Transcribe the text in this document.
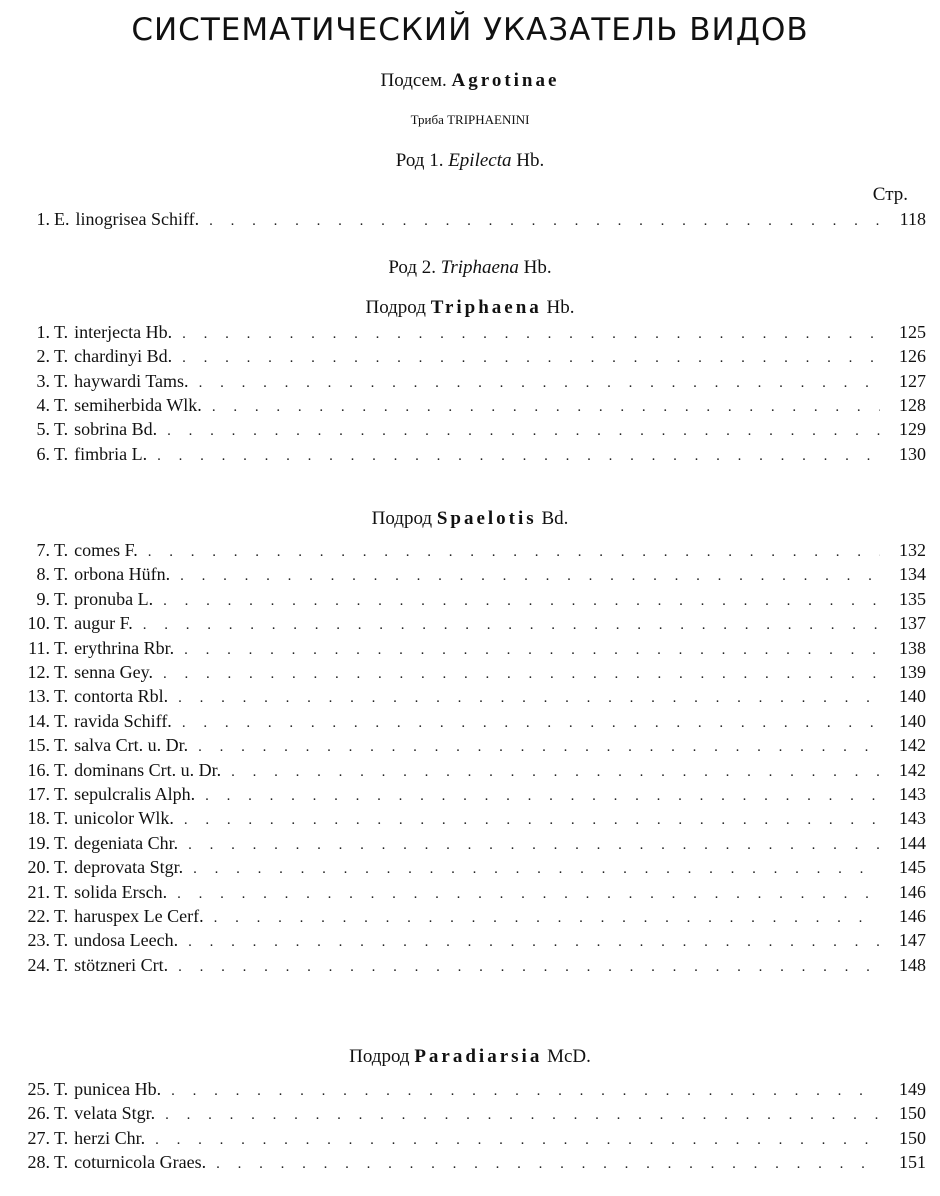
СИСТЕМАТИЧЕСКИЙ УКАЗАТЕЛЬ ВИДОВ
Подсем. Agrotinae
Триба TRIPHAENINI
Род 1. Epilecta Hb.
Стр.
1. E. linogrisea Schiff. . . .	118
Род 2. Triphaena Hb.
Подрод Triphaena Hb.
1. T. interjecta Hb. . . .	125
2. T. chardinyi Bd. . . .	126
3. T. haywardi Tams. . . .	127
4. T. semiherbida Wlk. . . .	128
5. T. sobrina Bd. . . .	129
6. T. fimbria L. . . .	130
Подрод Spaelotis Bd.
7. T. comes F. . . .	132
8. T. orbona Hüfn. . . .	134
9. T. pronuba L. . . .	135
10. T. augur F. . . .	137
11. T. erythrina Rbr. . . .	138
12. T. senna Gey. . . .	139
13. T. contorta Rbl. . . .	140
14. T. ravida Schiff. . . .	140
15. T. salva Crt. u. Dr. . . .	142
16. T. dominans Crt. u. Dr. . . .	142
17. T. sepulcralis Alph. . . .	143
18. T. unicolor Wlk. . . .	143
19. T. degeniata Chr. . . .	144
20. T. deprovata Stgr. . . .	145
21. T. solida Ersch. . . .	146
22. T. haruspex Le Cerf. . . .	146
23. T. undosa Leech. . . .	147
24. T. stötzneri Crt. . . .	148
Подрод Paradiarsia McD.
25. T. punicea Hb. . . .	149
26. T. velata Stgr. . . .	150
27. T. herzi Chr. . . .	150
28. T. coturnicola Graes. . . .	151
